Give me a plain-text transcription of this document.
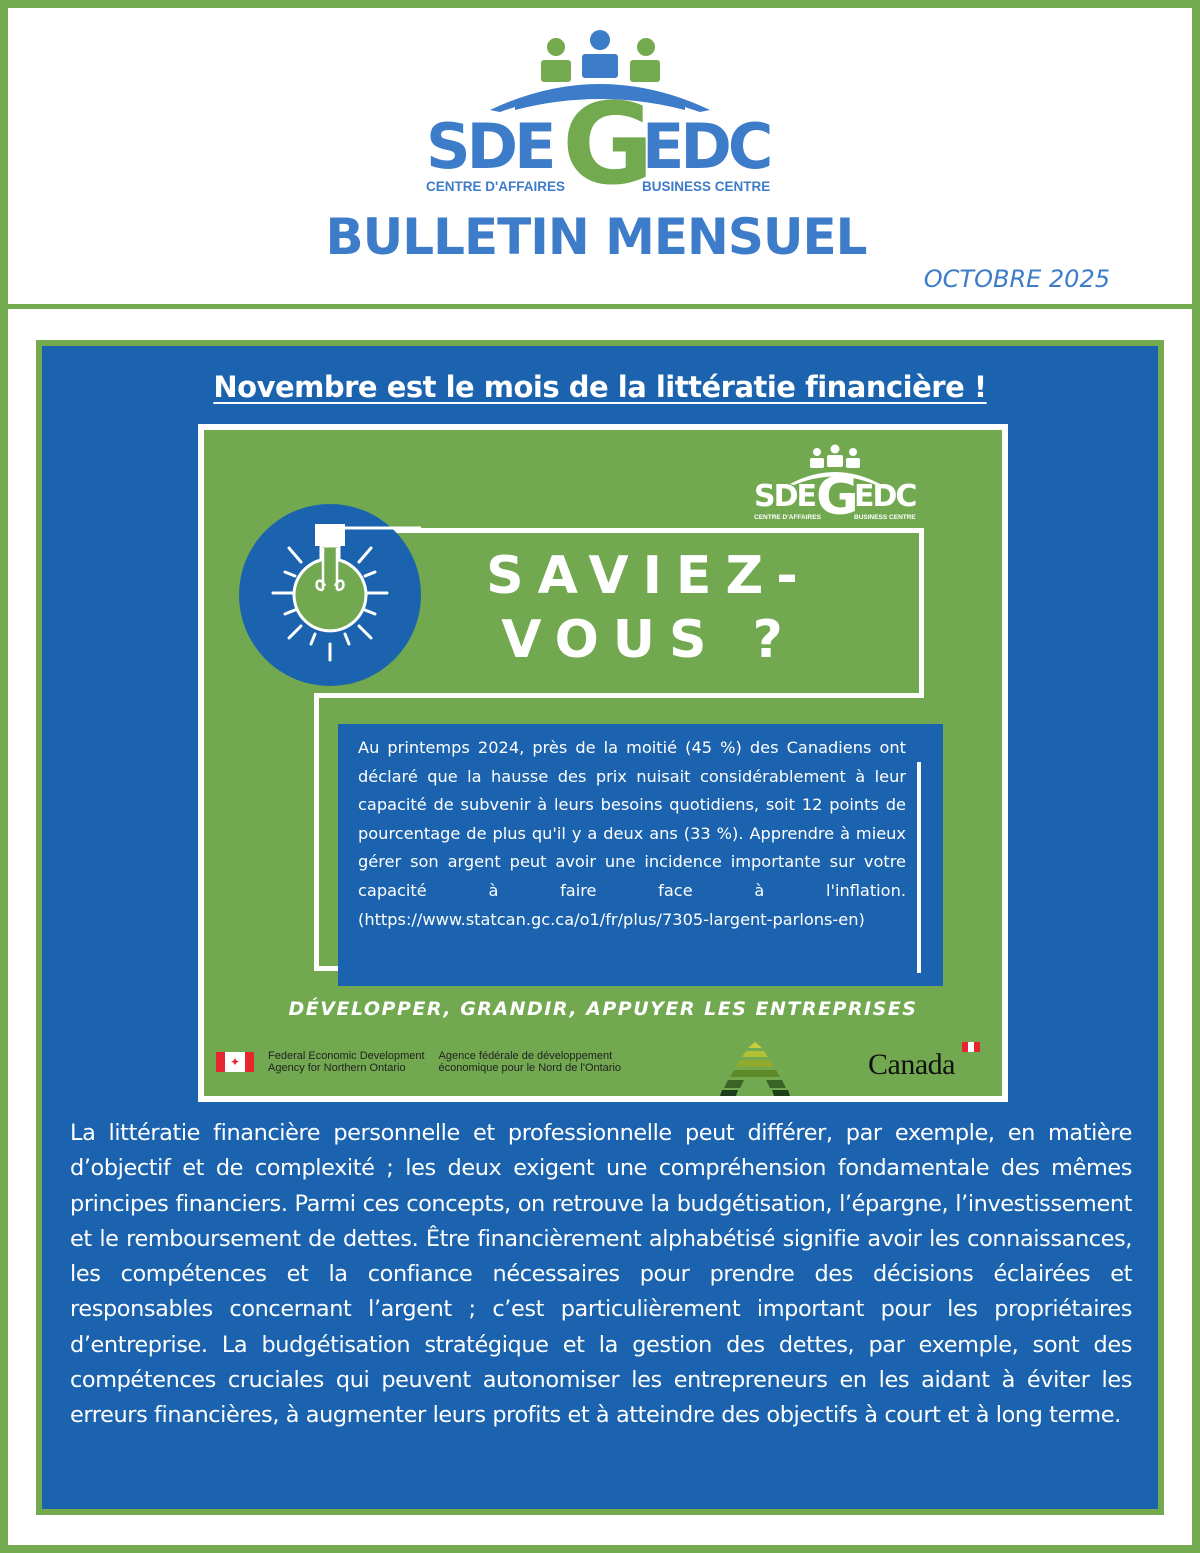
SDE G
EDC
CENTRE D'AFFAIRES	BUSINESS CENTRE
BULLETIN MENSUEL
OCTOBRE 2025
Novembre est le mois de la littératie financière !
SDE G
EDC
CENTRE D'AFFAIRES	BUSINESS CENTRE
SAVIEZ-
VOUS ?

Au printemps 2024, près de la moitié (45 %) des Canadiens ont déclaré que la hausse des prix nuisait considérablement à leur capacité de subvenir à leurs besoins quotidiens, soit 12 points de pourcentage de plus qu'il y a deux ans (33 %). Apprendre à mieux gérer son argent peut avoir une incidence importante sur votre capacité à faire face à l'inflation. (https://www.statcan.gc.ca/o1/fr/plus/7305-largent-parlons-en)

DÉVELOPPER, GRANDIR, APPUYER LES ENTREPRISES
✦	Federal Economic Development
Agency for Northern Ontario
Agence fédérale de développement
économique pour le Nord de l'Ontario	Canada

La littératie financière personnelle et professionnelle peut différer, par exemple, en matière d’objectif et de complexité ; les deux exigent une compréhension fondamentale des mêmes principes financiers. Parmi ces concepts, on retrouve la budgétisation, l’épargne, l’investissement et le remboursement de dettes. Être financièrement alphabétisé signifie avoir les connaissances, les compétences et la confiance nécessaires pour prendre des décisions éclairées et responsables concernant l’argent ; c’est particulièrement important pour les propriétaires d’entreprise. La budgétisation stratégique et la gestion des dettes, par exemple, sont des compétences cruciales qui peuvent autonomiser les entrepreneurs en les aidant à éviter les erreurs financières, à augmenter leurs profits et à atteindre des objectifs à court et à long terme.
